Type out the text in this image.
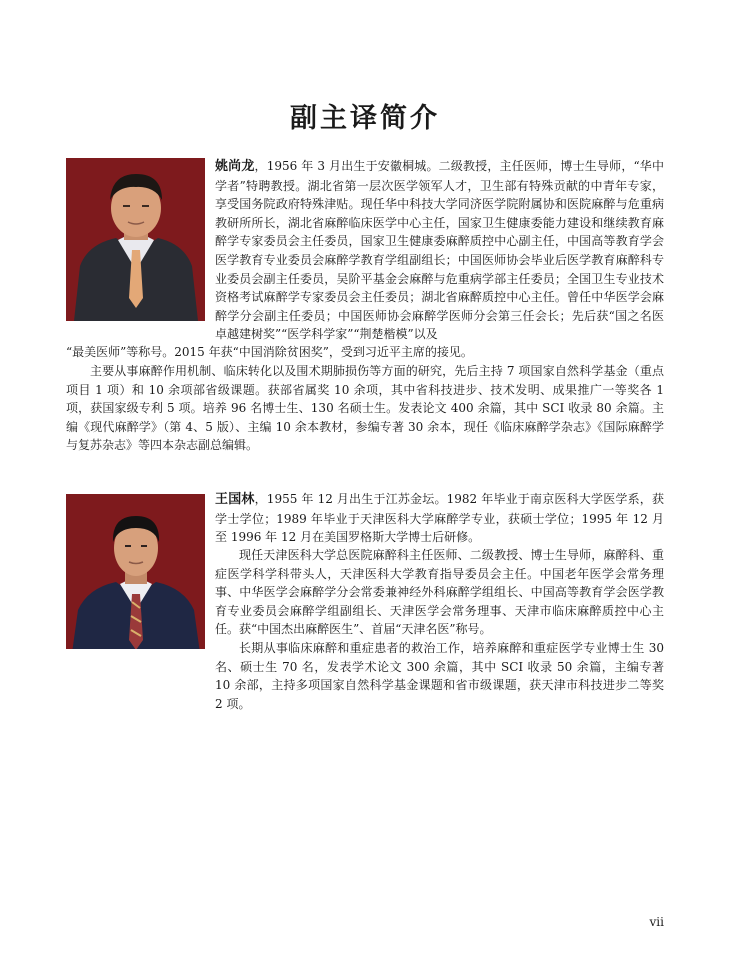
副主译简介

姚尚龙，1956 年 3 月出生于安徽桐城。二级教授，主任医师，博士生导师，“华中学者”特聘教授。湖北省第一层次医学领军人才，卫生部有特殊贡献的中青年专家，享受国务院政府特殊津贴。现任华中科技大学同济医学院附属协和医院麻醉与危重病教研所所长，湖北省麻醉临床医学中心主任，国家卫生健康委能力建设和继续教育麻醉学专家委员会主任委员，国家卫生健康委麻醉质控中心副主任，中国高等教育学会医学教育专业委员会麻醉学教育学组副组长；中国医师协会毕业后医学教育麻醉科专业委员会副主任委员，吴阶平基金会麻醉与危重病学部主任委员；全国卫生专业技术资格考试麻醉学专家委员会主任委员；湖北省麻醉质控中心主任。曾任中华医学会麻醉学分会副主任委员；中国医师协会麻醉学医师分会第三任会长；先后获“国之名医卓越建树奖”“医学科学家”“荆楚楷模”以及

“最美医师”等称号。2015 年获“中国消除贫困奖”，受到习近平主席的接见。

主要从事麻醉作用机制、临床转化以及围术期肺损伤等方面的研究，先后主持 7 项国家自然科学基金（重点项目 1 项）和 10 余项部省级课题。获部省属奖 10 余项，其中省科技进步、技术发明、成果推广一等奖各 1 项，获国家级专利 5 项。培养 96 名博士生、130 名硕士生。发表论文 400 余篇，其中 SCI 收录 80 余篇。主编《现代麻醉学》（第 4、5 版）、主编 10 余本教材，参编专著 30 余本，现任《临床麻醉学杂志》《国际麻醉学与复苏杂志》等四本杂志副总编辑。

王国林，1955 年 12 月出生于江苏金坛。1982 年毕业于南京医科大学医学系，获学士学位；1989 年毕业于天津医科大学麻醉学专业，获硕士学位；1995 年 12 月至 1996 年 12 月在美国罗格斯大学博士后研修。

现任天津医科大学总医院麻醉科主任医师、二级教授、博士生导师，麻醉科、重症医学科学科带头人，天津医科大学教育指导委员会主任。中国老年医学会常务理事、中华医学会麻醉学分会常委兼神经外科麻醉学组组长、中国高等教育学会医学教育专业委员会麻醉学组副组长、天津医学会常务理事、天津市临床麻醉质控中心主任。获“中国杰出麻醉医生”、首届“天津名医”称号。

长期从事临床麻醉和重症患者的救治工作，培养麻醉和重症医学专业博士生 30 名、硕士生 70 名，发表学术论文 300 余篇，其中 SCI 收录 50 余篇，主编专著 10 余部，主持多项国家自然科学基金课题和省市级课题，获天津市科技进步二等奖 2 项。

vii
